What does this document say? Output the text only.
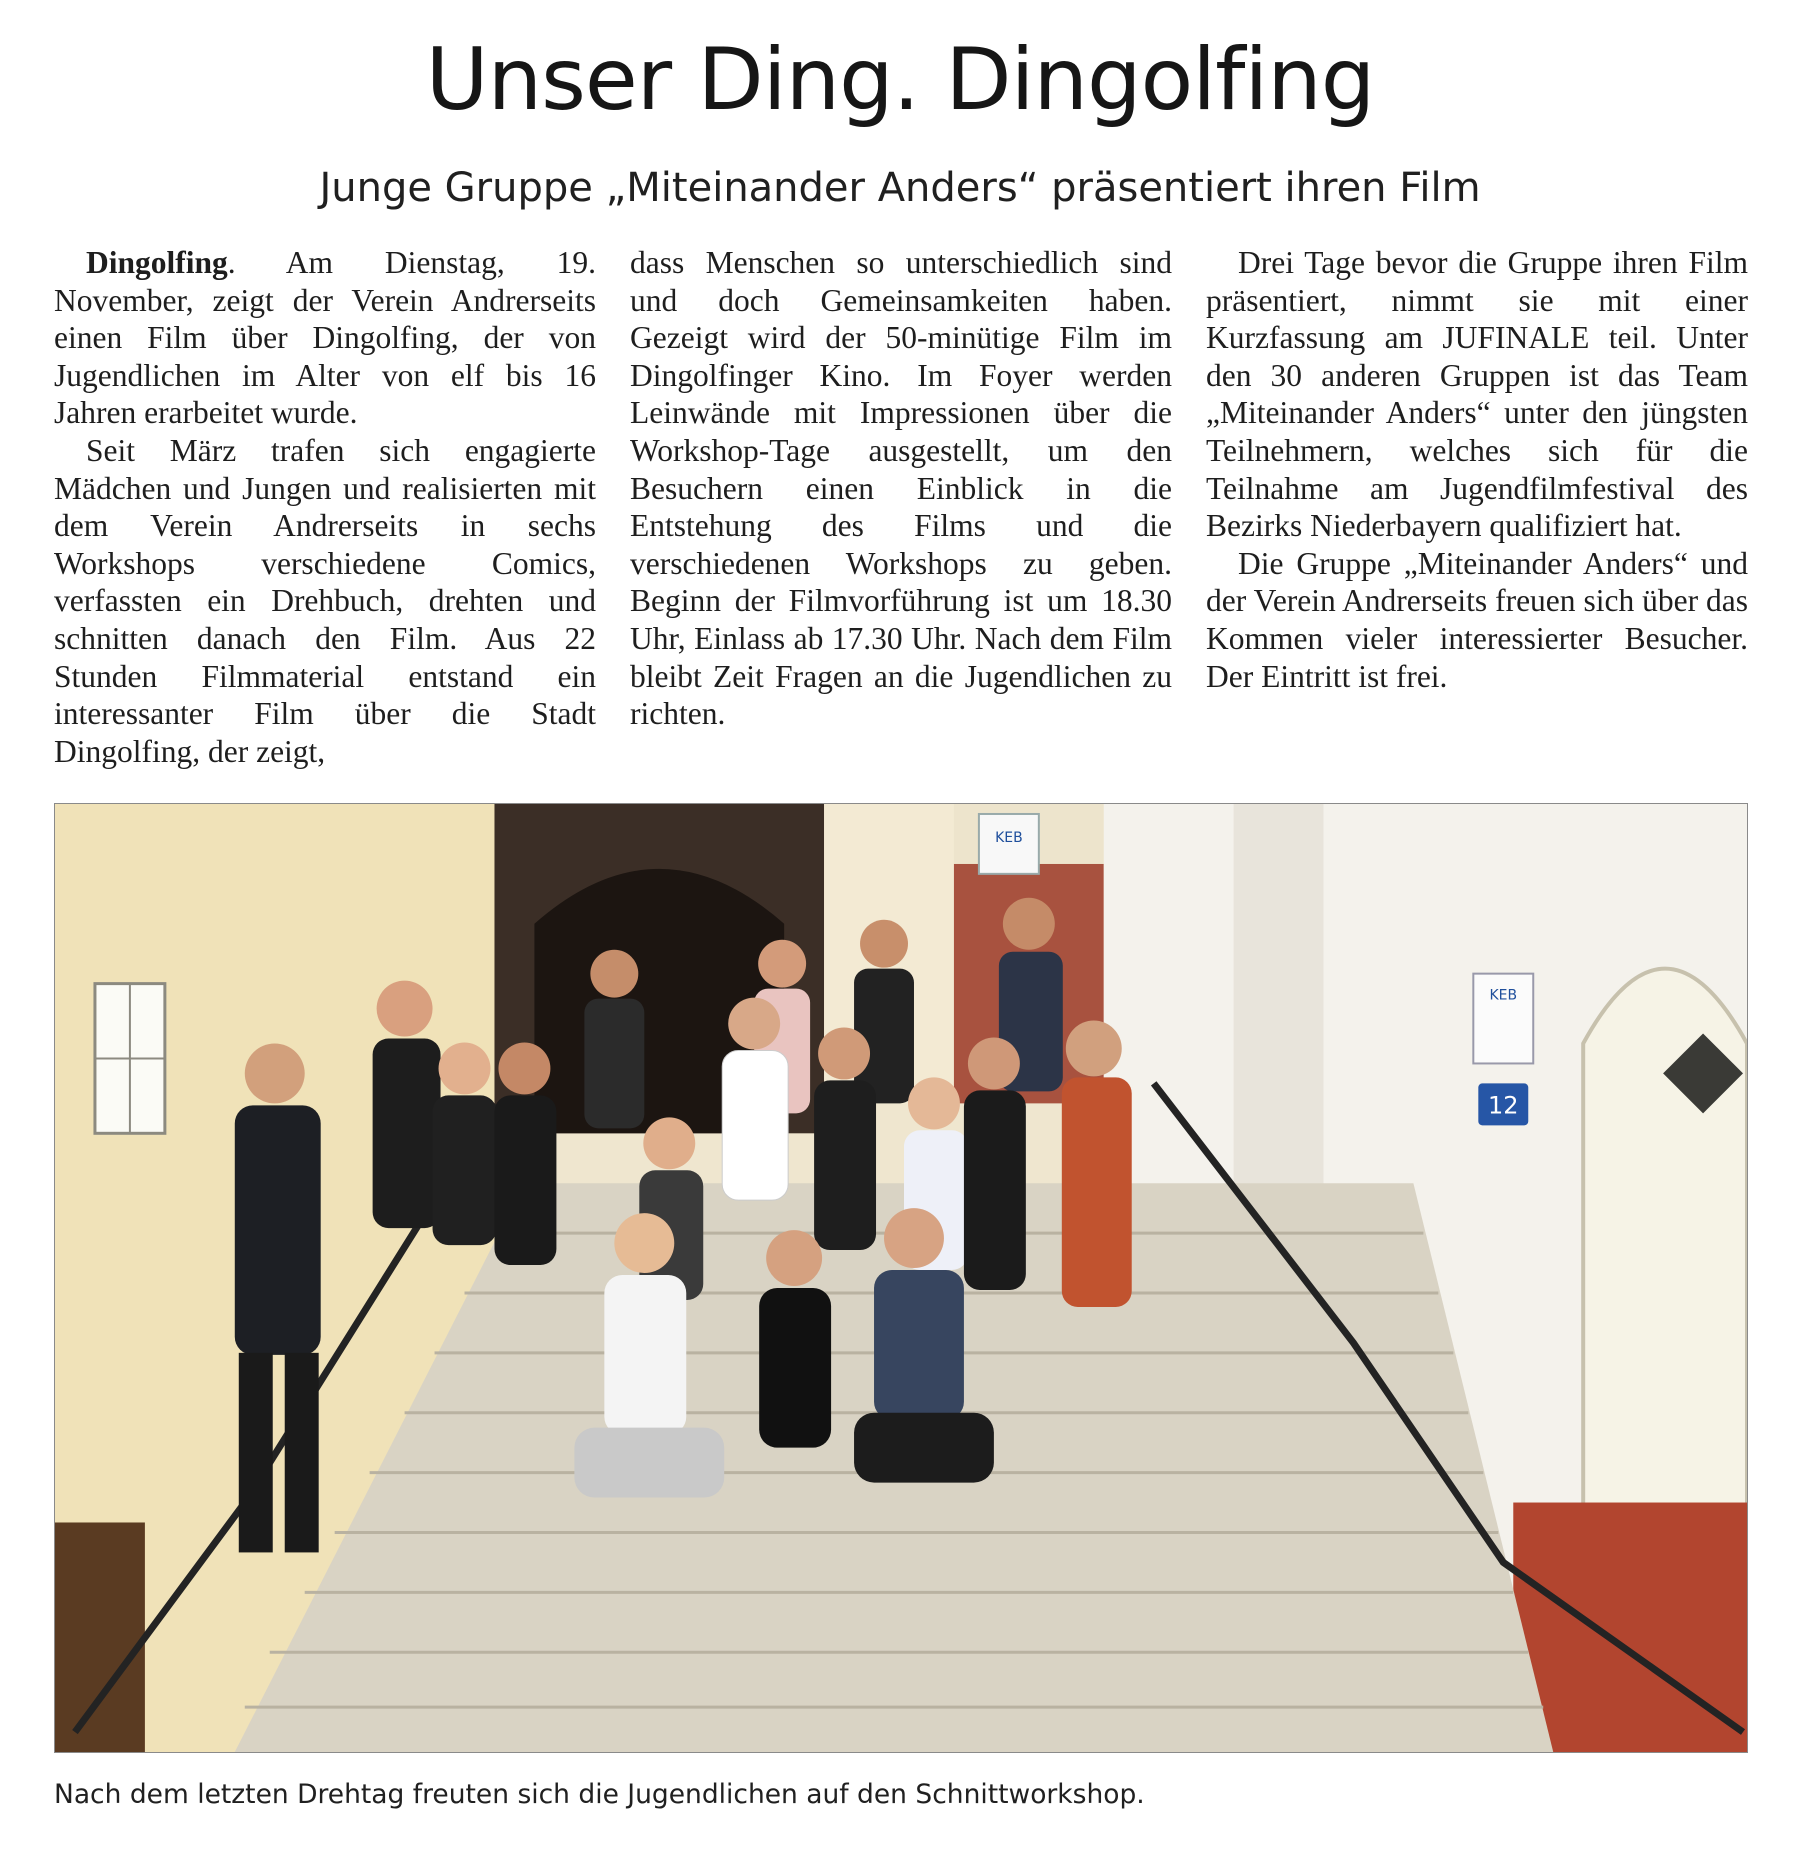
Unser Ding. Dingolfing
Junge Gruppe „Miteinander Anders“ präsentiert ihren Film

Dingolfing. Am Dienstag, 19. November, zeigt der Verein Andrerseits einen Film über Dingolfing, der von Jugendlichen im Alter von elf bis 16 Jahren erarbeitet wurde.

Seit März trafen sich engagierte Mädchen und Jungen und realisierten mit dem Verein Andrerseits in sechs Workshops verschiedene Comics, verfassten ein Drehbuch, drehten und schnitten danach den Film. Aus 22 Stunden Filmmaterial entstand ein interessanter Film über die Stadt Dingolfing, der zeigt,

dass Menschen so unterschiedlich sind und doch Gemeinsamkeiten haben. Gezeigt wird der 50-minütige Film im Dingolfinger Kino. Im Foyer werden Leinwände mit Impressionen über die Workshop-Tage ausgestellt, um den Besuchern einen Einblick in die Entstehung des Films und die verschiedenen Workshops zu geben. Beginn der Filmvorführung ist um 18.30 Uhr, Einlass ab 17.30 Uhr. Nach dem Film bleibt Zeit Fragen an die Jugendlichen zu richten.

Drei Tage bevor die Gruppe ihren Film präsentiert, nimmt sie mit einer Kurzfassung am JUFINALE teil. Unter den 30 anderen Gruppen ist das Team „Miteinander Anders“ unter den jüngsten Teilnehmern, welches sich für die Teilnahme am Jugendfilmfestival des Bezirks Niederbayern qualifiziert hat.

Die Gruppe „Miteinander Anders“ und der Verein Andrerseits freuen sich über das Kommen vieler interessierter Besucher. Der Eintritt ist frei.

KEB
KEB
12

Nach dem letzten Drehtag freuten sich die Jugendlichen auf den Schnittworkshop.
